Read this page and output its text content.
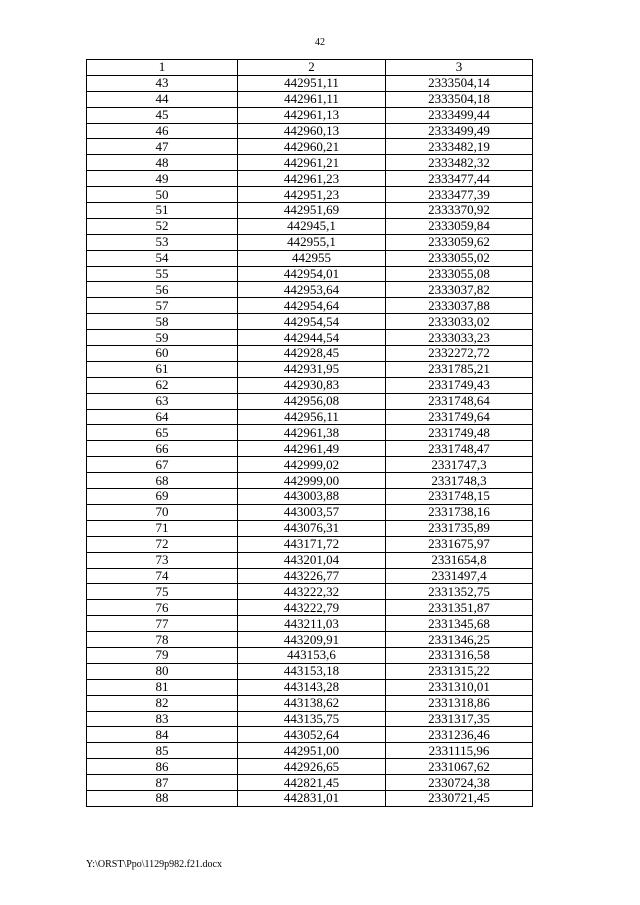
42
1	2	3
43	442951,11	2333504,14
44	442961,11	2333504,18
45	442961,13	2333499,44
46	442960,13	2333499,49
47	442960,21	2333482,19
48	442961,21	2333482,32
49	442961,23	2333477,44
50	442951,23	2333477,39
51	442951,69	2333370,92
52	442945,1	2333059,84
53	442955,1	2333059,62
54	442955	2333055,02
55	442954,01	2333055,08
56	442953,64	2333037,82
57	442954,64	2333037,88
58	442954,54	2333033,02
59	442944,54	2333033,23
60	442928,45	2332272,72
61	442931,95	2331785,21
62	442930,83	2331749,43
63	442956,08	2331748,64
64	442956,11	2331749,64
65	442961,38	2331749,48
66	442961,49	2331748,47
67	442999,02	2331747,3
68	442999,00	2331748,3
69	443003,88	2331748,15
70	443003,57	2331738,16
71	443076,31	2331735,89
72	443171,72	2331675,97
73	443201,04	2331654,8
74	443226,77	2331497,4
75	443222,32	2331352,75
76	443222,79	2331351,87
77	443211,03	2331345,68
78	443209,91	2331346,25
79	443153,6	2331316,58
80	443153,18	2331315,22
81	443143,28	2331310,01
82	443138,62	2331318,86
83	443135,75	2331317,35
84	443052,64	2331236,46
85	442951,00	2331115,96
86	442926,65	2331067,62
87	442821,45	2330724,38
88	442831,01	2330721,45
Y:\ORST\Ppo\1129p982.f21.docx
